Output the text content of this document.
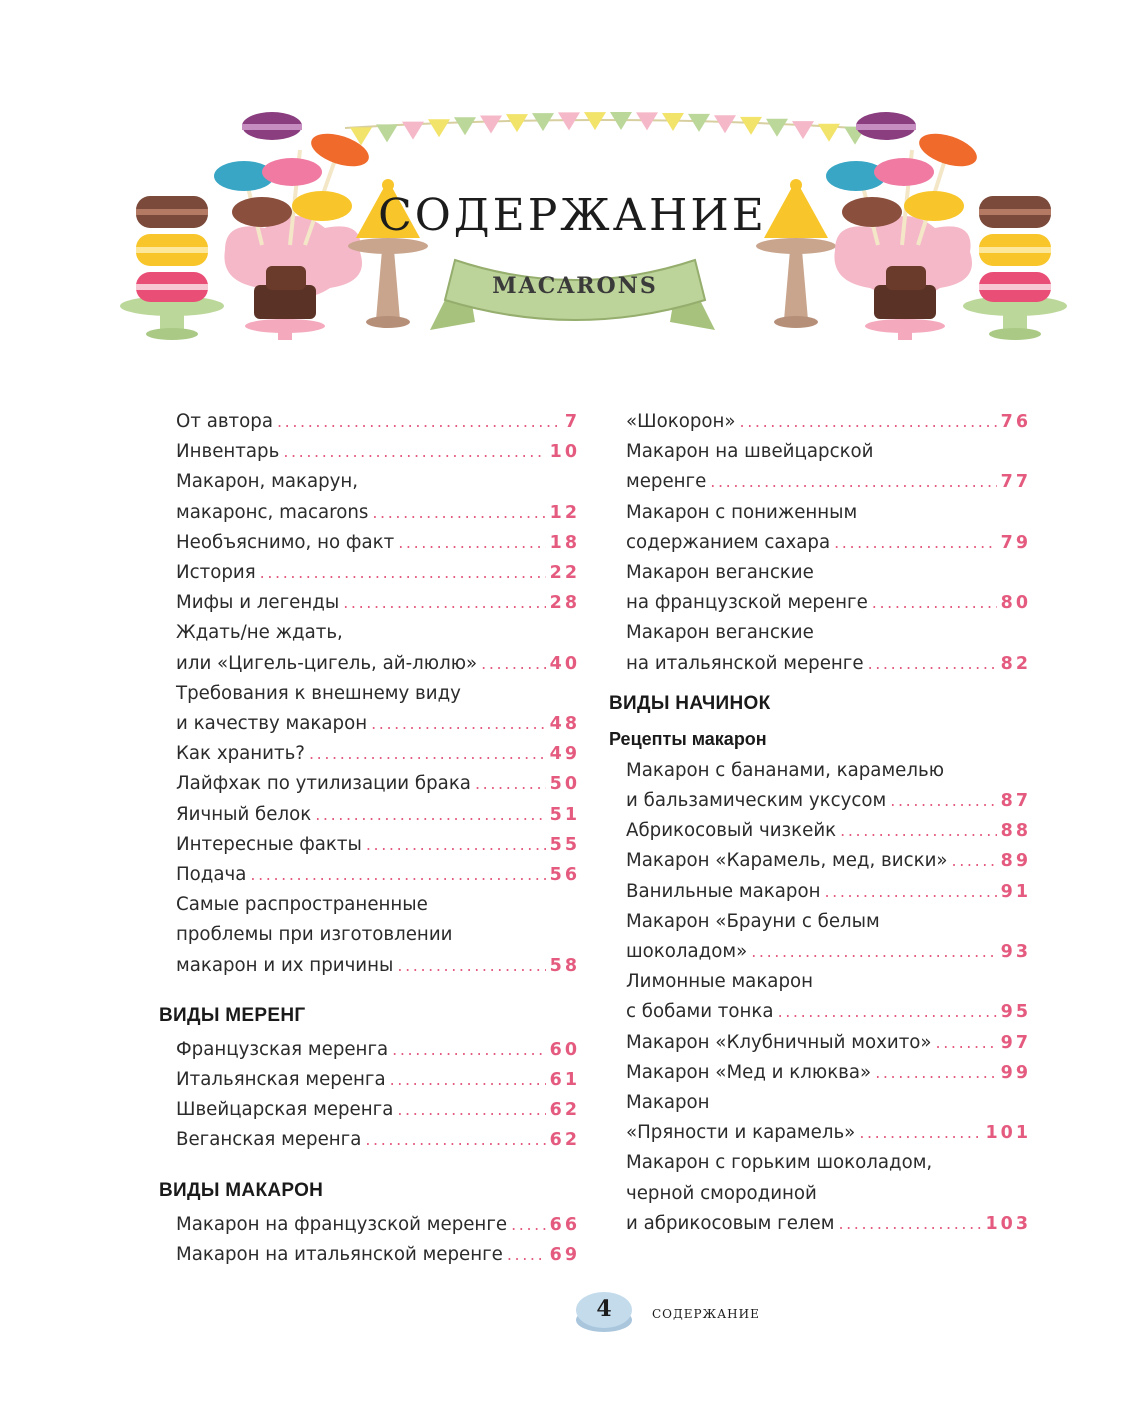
MACARONS
СОДЕРЖАНИЕ
От автора .....	7
Инвентарь .....	10
Макарон, макарун,
макаронс, macarons .....	12
Необъяснимо, но факт .....	18
История .....	22
Мифы и легенды .....	28
Ждать/не ждать,
или «Цигель-цигель, ай-люлю» .....	40
Требования к внешнему виду
и качеству макарон .....	48
Как хранить? .....	49
Лайфхак по утилизации брака .....	50
Яичный белок .....	51
Интересные факты .....	55
Подача .....	56
Самые распространенные
проблемы при изготовлении
макарон и их причины .....	58
ВИДЫ МЕРЕНГ
Французская меренга .....	60
Итальянская меренга .....	61
Швейцарская меренга .....	62
Веганская меренга .....	62
ВИДЫ МАКАРОН
Макарон на французской меренге ..... 66
Макарон на итальянской меренге .....	69
«Шокорон» .....	76
Макарон на швейцарской
меренге .....	77
Макарон с пониженным
содержанием сахара .....	79
Макарон веганские
на французской меренге .....	80
Макарон веганские
на итальянской меренге .....	82
ВИДЫ НАЧИНОК
Рецепты макарон
Макарон с бананами, карамелью
и бальзамическим уксусом .....	87
Абрикосовый чизкейк .....	88
Макарон «Карамель, мед, виски» .....	89
Ванильные макарон .....	91
Макарон «Брауни с белым
шоколадом» .....	93
Лимонные макарон
с бобами тонка .....	95
Макарон «Клубничный мохито» .....	97
Макарон «Мед и клюква» .....	99
Макарон
«Пряности и карамель» .....	101
Макарон с горьким шоколадом,
черной смородиной
и абрикосовым гелем .....	103
4	СОДЕРЖАНИЕ
